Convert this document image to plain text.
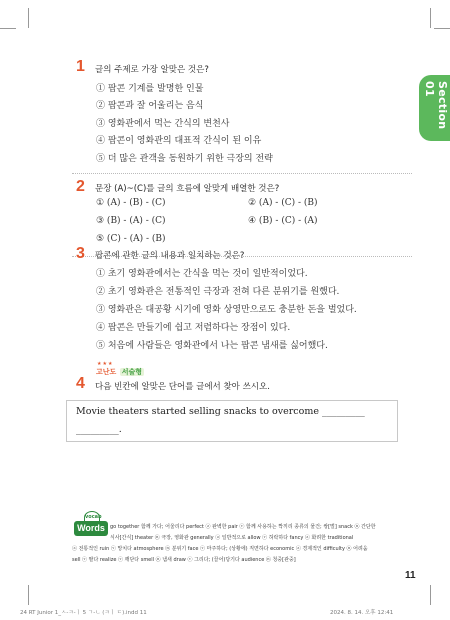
Section 01
1 글의 주제로 가장 알맞은 것은?
① 팝콘 기계를 발명한 인물
② 팝콘과 잘 어울리는 음식
③ 영화관에서 먹는 간식의 변천사
④ 팝콘이 영화관의 대표적 간식이 된 이유
⑤ 더 많은 관객을 동원하기 위한 극장의 전략
2 문장 (A)~(C)를 글의 흐름에 알맞게 배열한 것은?
① (A) - (B) - (C)	② (A) - (C) - (B)
③ (B) - (A) - (C)	④ (B) - (C) - (A)
⑤ (C) - (A) - (B)
3 팝콘에 관한 글의 내용과 일치하는 것은?
① 초기 영화관에서는 간식을 먹는 것이 일반적이었다.
② 초기 영화관은 전통적인 극장과 전혀 다른 분위기를 원했다.
③ 영화관은 대공황 시기에 영화 상영만으로도 충분한 돈을 벌었다.
④ 팝콘은 만들기에 쉽고 저렴하다는 장점이 있다.
⑤ 처음에 사람들은 영화관에서 나는 팝콘 냄새를 싫어했다.
★★★
고난도 서술형
4 다음 빈칸에 알맞은 단어를 글에서 찾아 쓰시오.
Movie theaters started selling snacks to overcome _________
_________.
vocab
Words	go together 함께 가다; 어울리다 perfect ⓐ 완벽한 pair ⓥ 함께 사용하는 짝끼리 종류의 물건; 쌍[벌] snack ⓝ 간단한
식사[간식] theater ⓝ 극장, 영화관 generally ⓐ 일반적으로 allow ⓥ 허락하다 fancy ⓐ 화려한 traditional
ⓐ 전통적인 ruin ⓥ 망치다 atmosphere ⓝ 분위기 face ⓥ 마주하다; (상황에) 직면하다 economic ⓐ 경제적인 difficulty ⓝ 어려움
sell ⓥ 팔다 realize ⓥ 깨닫다 smell ⓝ 냄새 draw ⓥ 그리다; (끌어)당기다 audience ⓝ 청중[관중]
11
24 RT Junior 1_ㅅ-ㅋ-ㅣ 5 ㄱ-ㄴ (ㅋㅣ ㄷ).indd 11	2024. 8. 14. 오후 12:41
